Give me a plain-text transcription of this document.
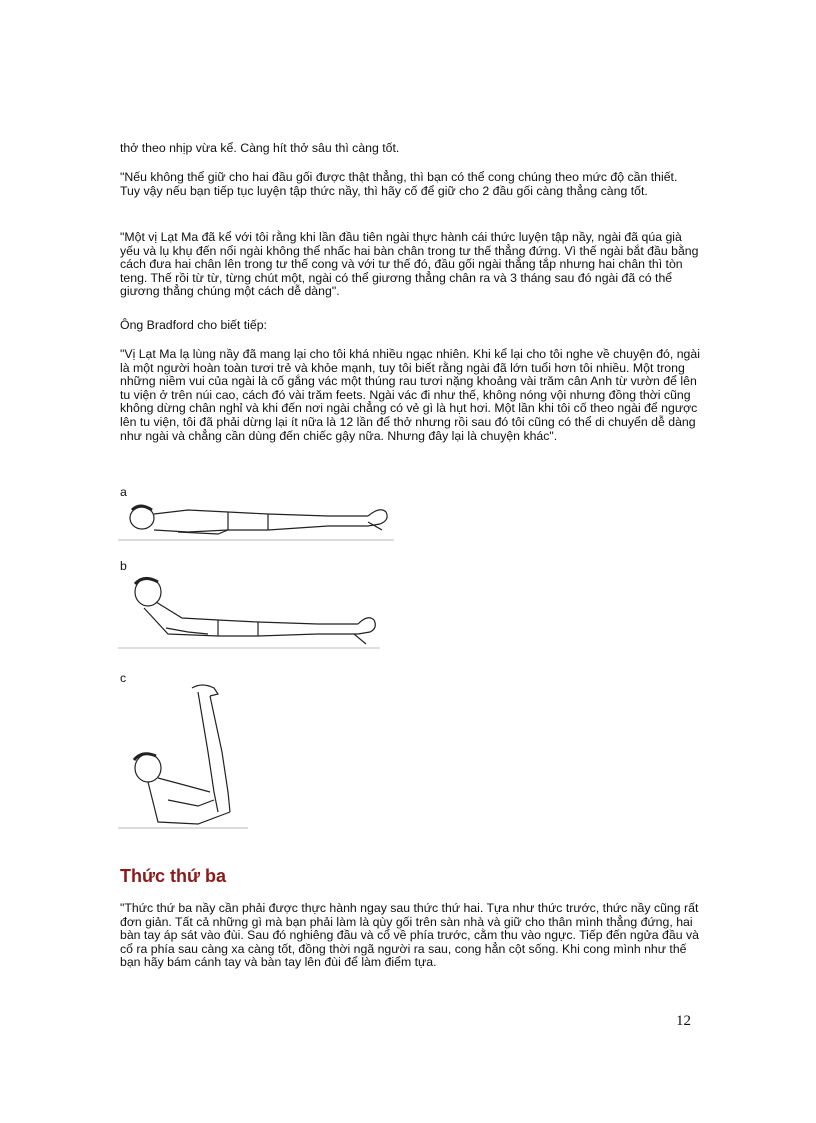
thở theo nhịp vừa kể. Càng hít thở sâu thì càng tốt.

"Nếu không thể giữ cho hai đầu gối được thật thẳng, thì bạn có thể cong chúng theo mức độ cần thiết. Tuy vậy nếu bạn tiếp tục luyện tập thức nầy, thì hãy cố để giữ cho 2 đầu gối càng thẳng càng tốt.

"Một vị Lạt Ma đã kể với tôi rằng khi lần đầu tiên ngài thực hành cái thức luyện tập nầy, ngài đã qúa già yếu và lụ khụ đến nổi ngài không thể nhấc hai bàn chân trong tư thế thẳng đứng. Vì thế ngài bắt đầu bằng cách đưa hai chân lên trong tư thế cong và với tư thế đó, đầu gối ngài thẳng tắp nhưng hai chân thì tòn teng. Thế rồi từ từ, từng chút một, ngài có thể giương thẳng chân ra và 3 tháng sau đó ngài đã có thể giương thẳng chúng một cách dễ dàng".

Ông Bradford cho biết tiếp:

"Vị Lạt Ma lạ lùng nầy đã mang lại cho tôi khá nhiều ngạc nhiên. Khi kể lại cho tôi nghe về chuyện đó, ngài là một người hoàn toàn tươi trẻ và khỏe mạnh, tuy tôi biết rằng ngài đã lớn tuổi hơn tôi nhiều. Một trong những niềm vui của ngài là cố gắng vác một thúng rau tươi nặng khoảng vài trăm cân Anh từ vườn để lên tu viện ở trên núi cao, cách đó vài trăm feets. Ngài vác đi như thế, không nóng vội nhưng đồng thời cũng không dừng chân nghỉ và khi đến nơi ngài chẳng có vẻ gì là hụt hơi. Một lần khi tôi cố theo ngài để ngược lên tu viện, tôi đã phải dừng lại ít nữa là 12 lần để thở nhưng rồi sau đó tôi cũng có thể di chuyển dễ dàng như ngài và chẳng cần dùng đến chiếc gậy nữa. Nhưng đây lại là chuyện khác".

a
b
c
Thức thứ ba

"Thức thứ ba nầy cần phải được thực hành ngay sau thức thứ hai. Tựa như thức trước, thức nầy cũng rất đơn giản. Tất cả những gì mà bạn phải làm là qùy gối trên sàn nhà và giữ cho thân mình thẳng đứng, hai bàn tay áp sát vào đùi. Sau đó nghiêng đầu và cổ về phía trước, cằm thu vào ngực. Tiếp đến ngửa đầu và cổ ra phía sau càng xa càng tốt, đồng thời ngã người ra sau, cong hẳn cột sống. Khi cong mình như thế bạn hãy bám cánh tay và bàn tay lên đùi để làm điểm tựa.

12
